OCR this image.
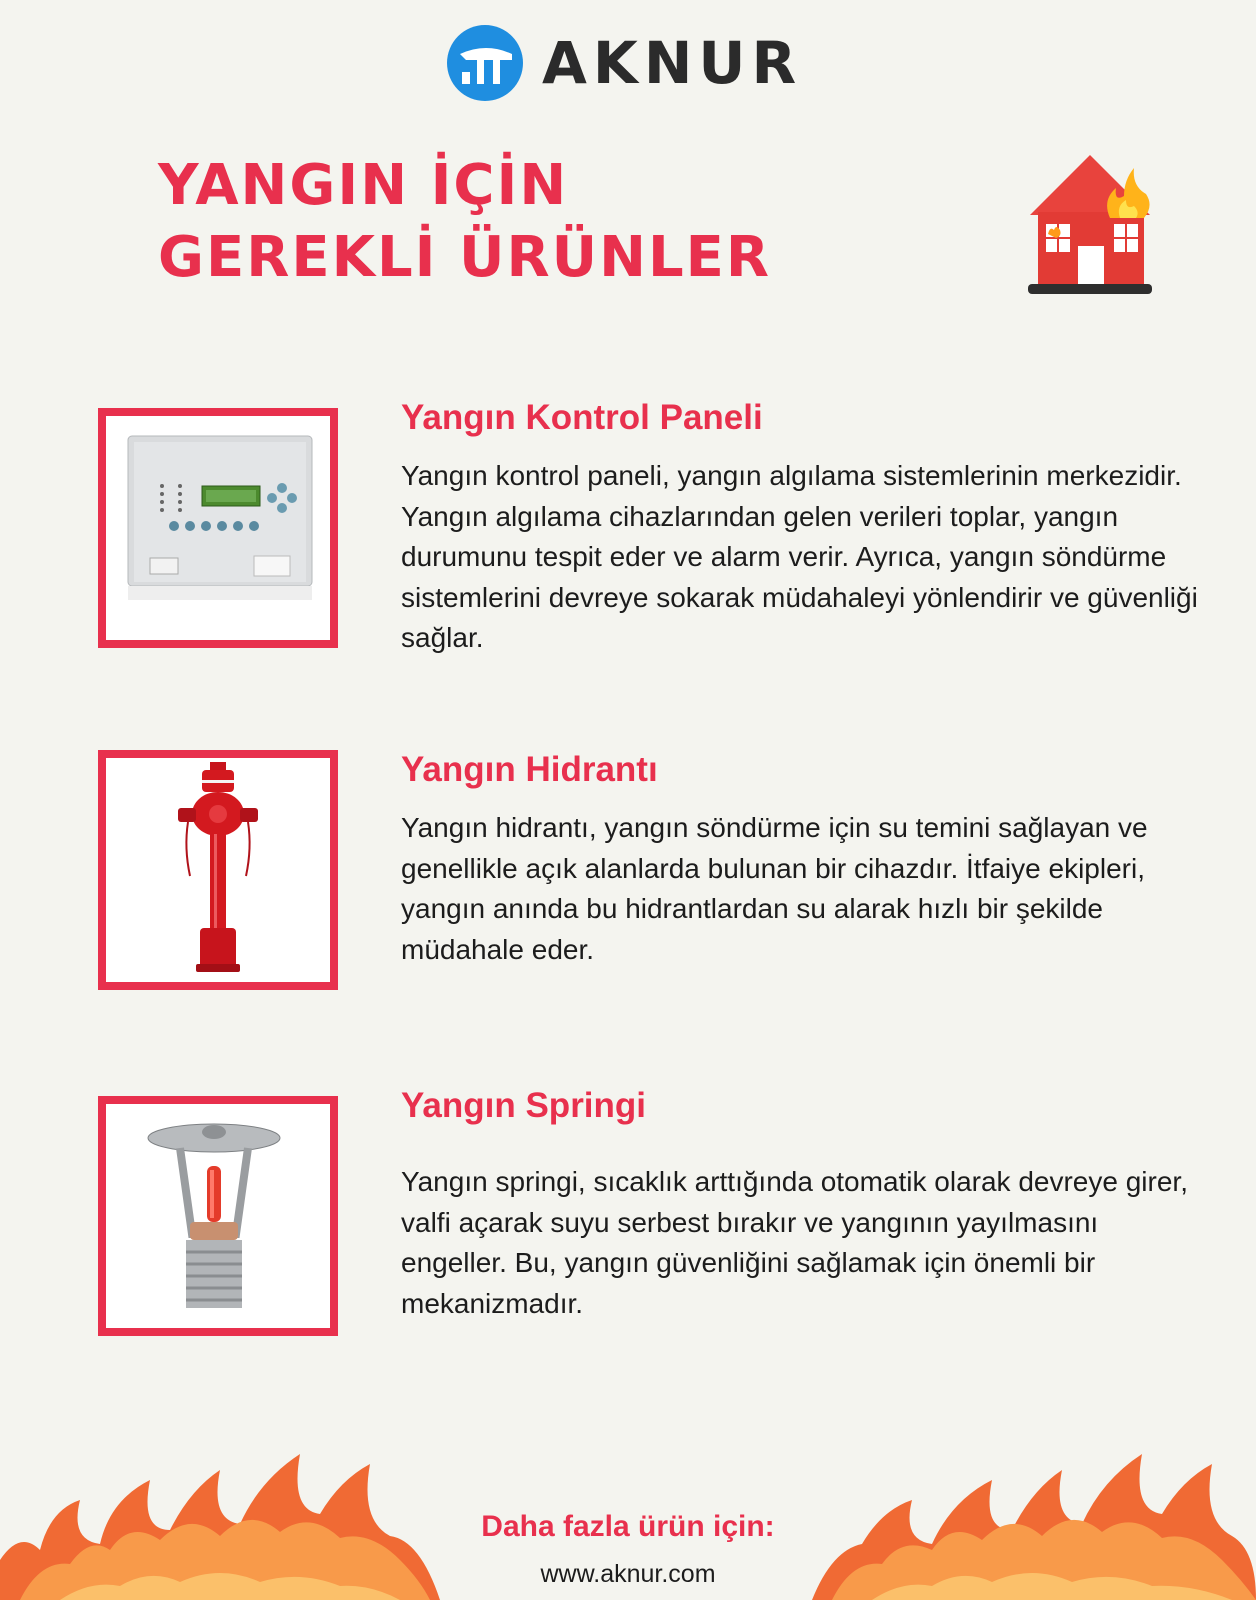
AKNUR
YANGIN İÇİN
GEREKLİ ÜRÜNLER
Yangın Kontrol Paneli

Yangın kontrol paneli, yangın algılama sistemlerinin merkezidir. Yangın algılama cihazlarından gelen verileri toplar, yangın durumunu tespit eder ve alarm verir. Ayrıca, yangın söndürme sistemlerini devreye sokarak müdahaleyi yönlendirir ve güvenliği sağlar.

Yangın Hidrantı

Yangın hidrantı, yangın söndürme için su temini sağlayan ve genellikle açık alanlarda bulunan bir cihazdır. İtfaiye ekipleri, yangın anında bu hidrantlardan su alarak hızlı bir şekilde müdahale eder.

Yangın Springi

Yangın springi, sıcaklık arttığında otomatik olarak devreye girer, valfi açarak suyu serbest bırakır ve yangının yayılmasını engeller. Bu, yangın güvenliğini sağlamak için önemli bir mekanizmadır.

Daha fazla ürün için:

www.aknur.com
